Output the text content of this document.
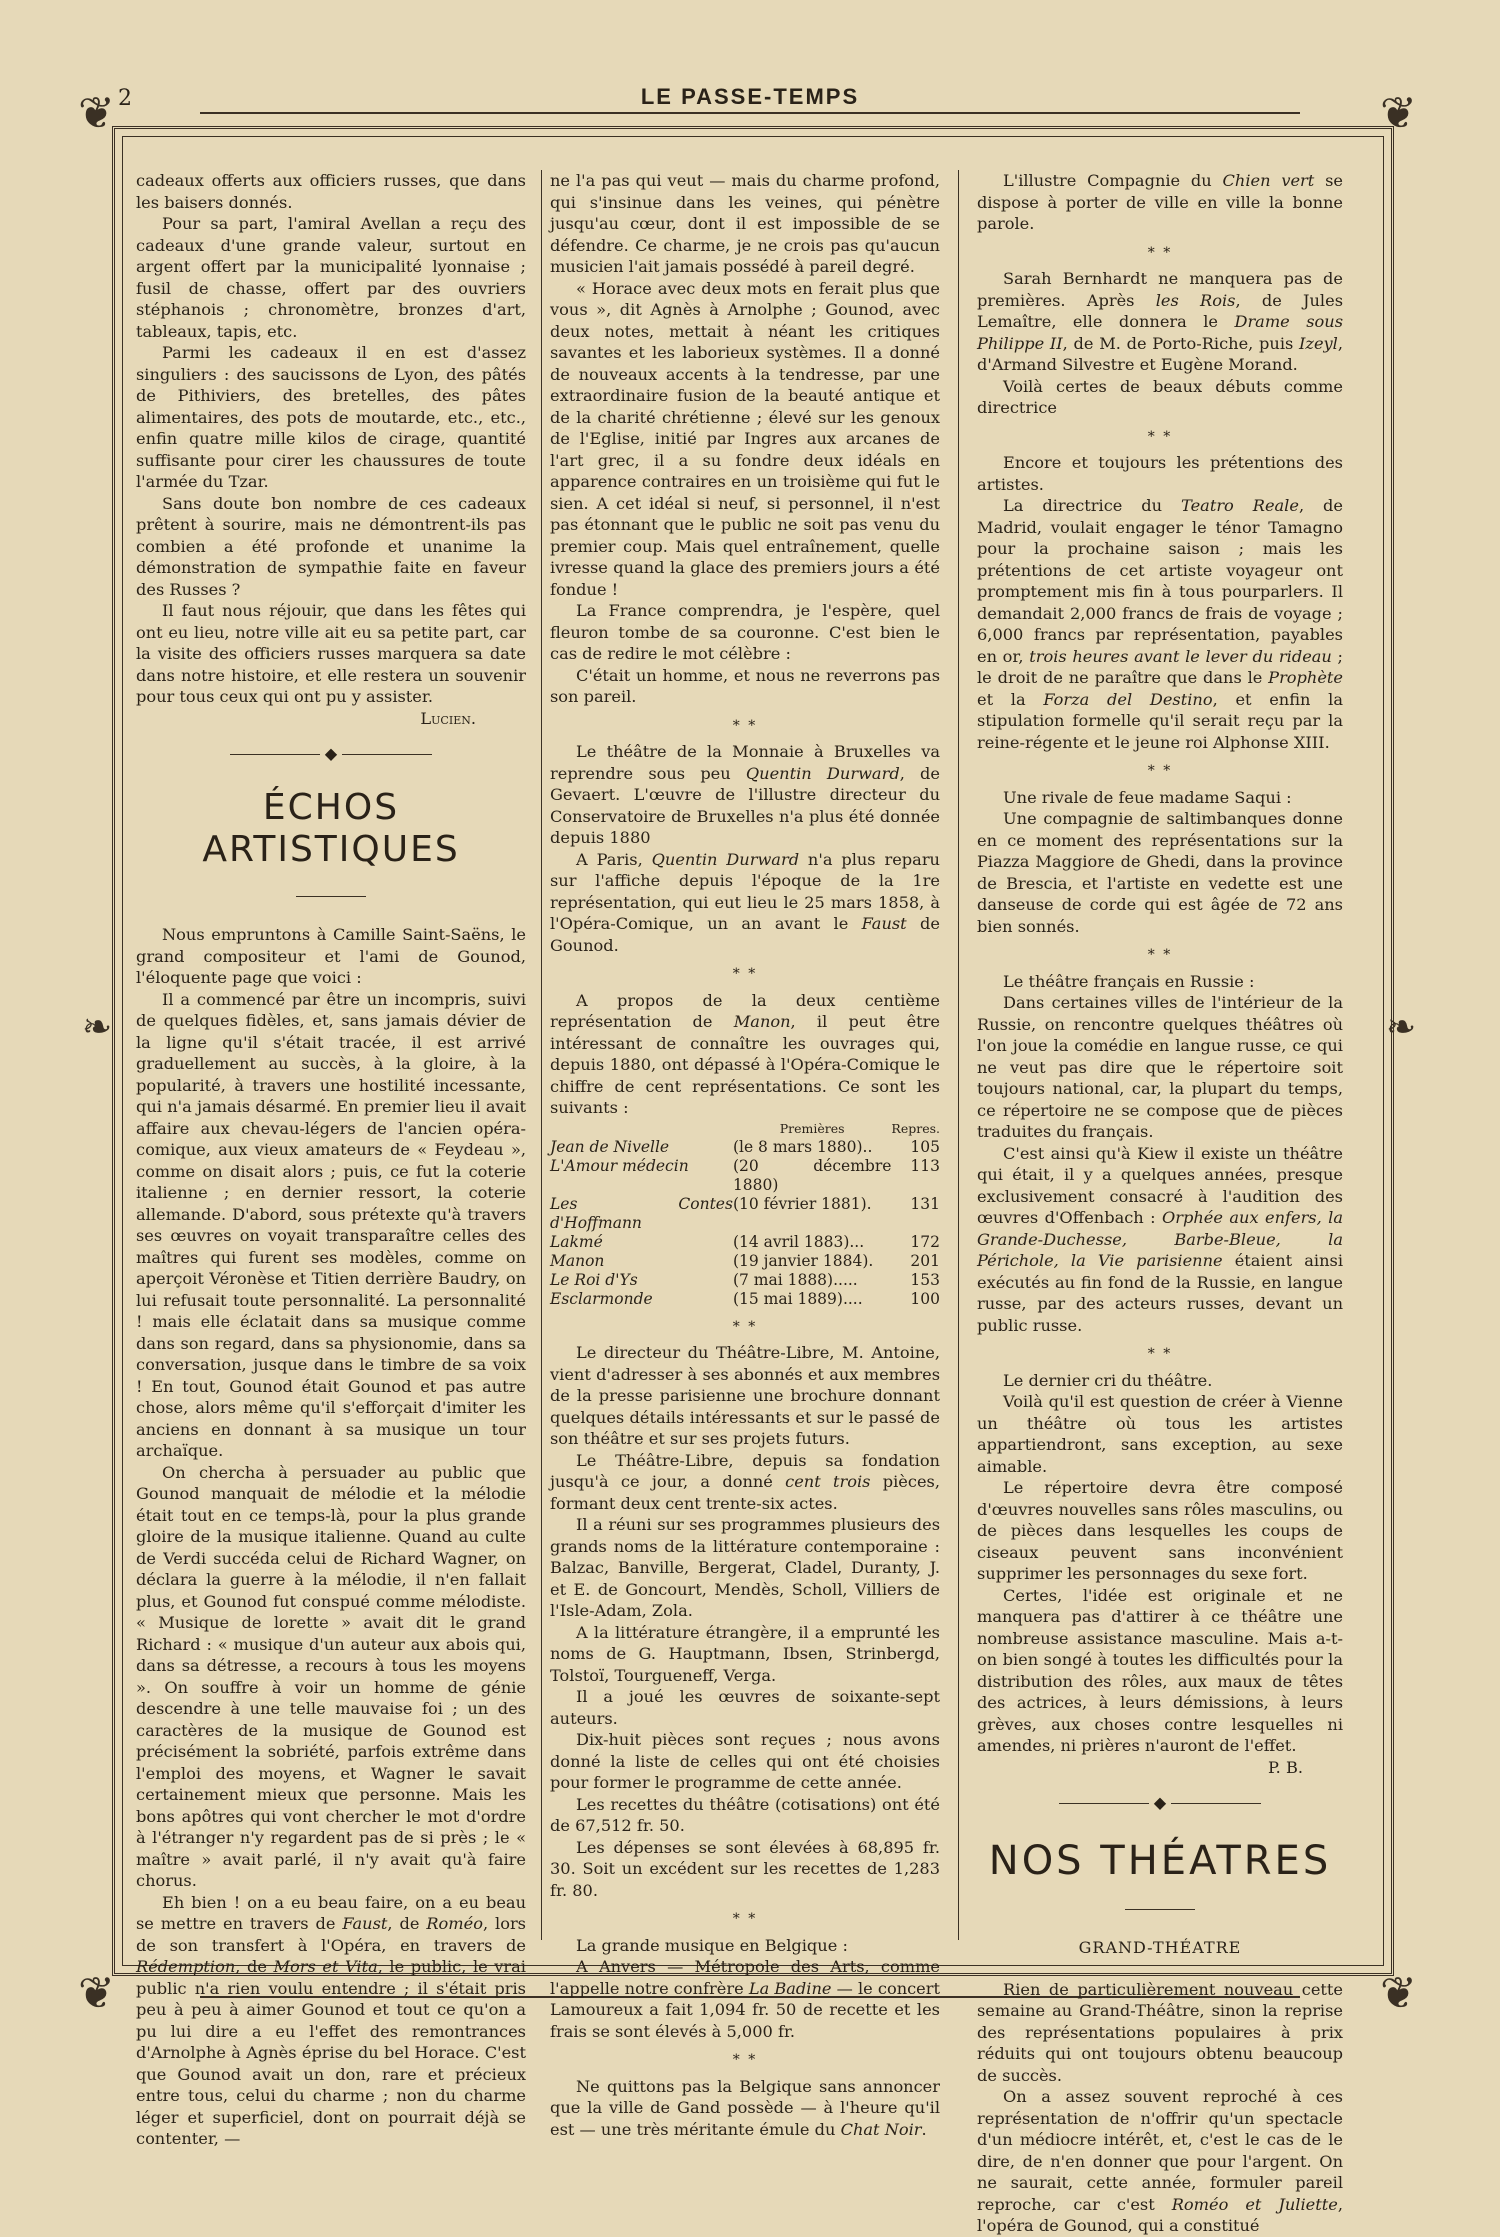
2	LE PASSE-TEMPS
❦	❦
❦	❦
❧	❧

cadeaux offerts aux officiers russes, que dans les baisers donnés.

Pour sa part, l'amiral Avellan a reçu des cadeaux d'une grande valeur, surtout en argent offert par la municipalité lyonnaise ; fusil de chasse, offert par des ouvriers stéphanois ; chronomètre, bronzes d'art, tableaux, tapis, etc.

Parmi les cadeaux il en est d'assez singuliers : des saucissons de Lyon, des pâtés de Pithiviers, des bretelles, des pâtes alimentaires, des pots de moutarde, etc., etc., enfin quatre mille kilos de cirage, quantité suffisante pour cirer les chaussures de toute l'armée du Tzar.

Sans doute bon nombre de ces cadeaux prêtent à sourire, mais ne démontrent-ils pas combien a été profonde et unanime la démonstration de sympathie faite en faveur des Russes ?

Il faut nous réjouir, que dans les fêtes qui ont eu lieu, notre ville ait eu sa petite part, car la visite des officiers russes marquera sa date dans notre histoire, et elle restera un souvenir pour tous ceux qui ont pu y assister.

Lucien.

◆

ÉCHOS ARTISTIQUES

Nous empruntons à Camille Saint-Saëns, le grand compositeur et l'ami de Gounod, l'éloquente page que voici :

Il a commencé par être un incompris, suivi de quelques fidèles, et, sans jamais dévier de la ligne qu'il s'était tracée, il est arrivé graduellement au succès, à la gloire, à la popularité, à travers une hostilité incessante, qui n'a jamais désarmé. En premier lieu il avait affaire aux chevau-légers de l'ancien opéra-comique, aux vieux amateurs de « Feydeau », comme on disait alors ; puis, ce fut la coterie italienne ; en dernier ressort, la coterie allemande. D'abord, sous prétexte qu'à travers ses œuvres on voyait transparaître celles des maîtres qui furent ses modèles, comme on aperçoit Véronèse et Titien derrière Baudry, on lui refusait toute personnalité. La personnalité ! mais elle éclatait dans sa musique comme dans son regard, dans sa physionomie, dans sa conversation, jusque dans le timbre de sa voix ! En tout, Gounod était Gounod et pas autre chose, alors même qu'il s'efforçait d'imiter les anciens en donnant à sa musique un tour archaïque.

On chercha à persuader au public que Gounod manquait de mélodie et la mélodie était tout en ce temps-là, pour la plus grande gloire de la musique italienne. Quand au culte de Verdi succéda celui de Richard Wagner, on déclara la guerre à la mélodie, il n'en fallait plus, et Gounod fut conspué comme mélodiste. « Musique de lorette » avait dit le grand Richard : « musique d'un auteur aux abois qui, dans sa détresse, a recours à tous les moyens ». On souffre à voir un homme de génie descendre à une telle mauvaise foi ; un des caractères de la musique de Gounod est précisément la sobriété, parfois extrême dans l'emploi des moyens, et Wagner le savait certainement mieux que personne. Mais les bons apôtres qui vont chercher le mot d'ordre à l'étranger n'y regardent pas de si près ; le « maître » avait parlé, il n'y avait qu'à faire chorus.

Eh bien ! on a eu beau faire, on a eu beau se mettre en travers de Faust, de Roméo, lors de son transfert à l'Opéra, en travers de Rédemption, de Mors et Vita, le public, le vrai public n'a rien voulu entendre ; il s'était pris peu à peu à aimer Gounod et tout ce qu'on a pu lui dire a eu l'effet des remontrances d'Arnolphe à Agnès éprise du bel Horace. C'est que Gounod avait un don, rare et précieux entre tous, celui du charme ; non du charme léger et superficiel, dont on pourrait déjà se contenter, —

ne l'a pas qui veut — mais du charme profond, qui s'insinue dans les veines, qui pénètre jusqu'au cœur, dont il est impossible de se défendre. Ce charme, je ne crois pas qu'aucun musicien l'ait jamais possédé à pareil degré.

« Horace avec deux mots en ferait plus que vous », dit Agnès à Arnolphe ; Gounod, avec deux notes, mettait à néant les critiques savantes et les laborieux systèmes. Il a donné de nouveaux accents à la tendresse, par une extraordinaire fusion de la beauté antique et de la charité chrétienne ; élevé sur les genoux de l'Eglise, initié par Ingres aux arcanes de l'art grec, il a su fondre deux idéals en apparence contraires en un troisième qui fut le sien. A cet idéal si neuf, si personnel, il n'est pas étonnant que le public ne soit pas venu du premier coup. Mais quel entraînement, quelle ivresse quand la glace des premiers jours a été fondue !

La France comprendra, je l'espère, quel fleuron tombe de sa couronne. C'est bien le cas de redire le mot célèbre :

C'était un homme, et nous ne reverrons pas son pareil.

* *

Le théâtre de la Monnaie à Bruxelles va reprendre sous peu Quentin Durward, de Gevaert. L'œuvre de l'illustre directeur du Conservatoire de Bruxelles n'a plus été donnée depuis 1880

A Paris, Quentin Durward n'a plus reparu sur l'affiche depuis l'époque de la 1re représentation, qui eut lieu le 25 mars 1858, à l'Opéra-Comique, un an avant le Faust de Gounod.

* *

A propos de la deux centième représentation de Manon, il peut être intéressant de connaître les ouvrages qui, depuis 1880, ont dépassé à l'Opéra-Comique le chiffre de cent représentations. Ce sont les suivants :

	Premières	Repres.
Jean de Nivelle	(le 8 mars 1880)..	105
L'Amour médecin	(20 décembre 1880)	113
Les Contes d'Hoffmann	(10 février 1881).	131
Lakmé	(14 avril 1883)...	172
Manon	(19 janvier 1884).	201
Le Roi d'Ys	(7 mai 1888).....	153
Esclarmonde	(15 mai 1889)....	100

* *

Le directeur du Théâtre-Libre, M. Antoine, vient d'adresser à ses abonnés et aux membres de la presse parisienne une brochure donnant quelques détails intéressants et sur le passé de son théâtre et sur ses projets futurs.

Le Théâtre-Libre, depuis sa fondation jusqu'à ce jour, a donné cent trois pièces, formant deux cent trente-six actes.

Il a réuni sur ses programmes plusieurs des grands noms de la littérature contemporaine : Balzac, Banville, Bergerat, Cladel, Duranty, J. et E. de Goncourt, Mendès, Scholl, Villiers de l'Isle-Adam, Zola.

A la littérature étrangère, il a emprunté les noms de G. Hauptmann, Ibsen, Strinbergd, Tolstoï, Tourgueneff, Verga.

Il a joué les œuvres de soixante-sept auteurs.

Dix-huit pièces sont reçues ; nous avons donné la liste de celles qui ont été choisies pour former le programme de cette année.

Les recettes du théâtre (cotisations) ont été de 67,512 fr. 50.

Les dépenses se sont élevées à 68,895 fr. 30. Soit un excédent sur les recettes de 1,283 fr. 80.

* *

La grande musique en Belgique :

A Anvers — Métropole des Arts, comme l'appelle notre confrère La Badine — le concert Lamoureux a fait 1,094 fr. 50 de recette et les frais se sont élevés à 5,000 fr.

* *

Ne quittons pas la Belgique sans annoncer que la ville de Gand possède — à l'heure qu'il est — une très méritante émule du Chat Noir.

L'illustre Compagnie du Chien vert se dispose à porter de ville en ville la bonne parole.

* *

Sarah Bernhardt ne manquera pas de premières. Après les Rois, de Jules Lemaître, elle donnera le Drame sous Philippe II, de M. de Porto-Riche, puis Izeyl, d'Armand Silvestre et Eugène Morand.

Voilà certes de beaux débuts comme directrice

* *

Encore et toujours les prétentions des artistes.

La directrice du Teatro Reale, de Madrid, voulait engager le ténor Tamagno pour la prochaine saison ; mais les prétentions de cet artiste voyageur ont promptement mis fin à tous pourparlers. Il demandait 2,000 francs de frais de voyage ; 6,000 francs par représentation, payables en or, trois heures avant le lever du rideau ; le droit de ne paraître que dans le Prophète et la Forza del Destino, et enfin la stipulation formelle qu'il serait reçu par la reine-régente et le jeune roi Alphonse XIII.

* *

Une rivale de feue madame Saqui :

Une compagnie de saltimbanques donne en ce moment des représentations sur la Piazza Maggiore de Ghedi, dans la province de Brescia, et l'artiste en vedette est une danseuse de corde qui est âgée de 72 ans bien sonnés.

* *

Le théâtre français en Russie :

Dans certaines villes de l'intérieur de la Russie, on rencontre quelques théâtres où l'on joue la comédie en langue russe, ce qui ne veut pas dire que le répertoire soit toujours national, car, la plupart du temps, ce répertoire ne se compose que de pièces traduites du français.

C'est ainsi qu'à Kiew il existe un théâtre qui était, il y a quelques années, presque exclusivement consacré à l'audition des œuvres d'Offenbach : Orphée aux enfers, la Grande-Duchesse, Barbe-Bleue, la Périchole, la Vie parisienne étaient ainsi exécutés au fin fond de la Russie, en langue russe, par des acteurs russes, devant un public russe.

* *

Le dernier cri du théâtre.

Voilà qu'il est question de créer à Vienne un théâtre où tous les artistes appartiendront, sans exception, au sexe aimable.

Le répertoire devra être composé d'œuvres nouvelles sans rôles masculins, ou de pièces dans lesquelles les coups de ciseaux peuvent sans inconvénient supprimer les personnages du sexe fort.

Certes, l'idée est originale et ne manquera pas d'attirer à ce théâtre une nombreuse assistance masculine. Mais a-t-on bien songé à toutes les difficultés pour la distribution des rôles, aux maux de têtes des actrices, à leurs démissions, à leurs grèves, aux choses contre lesquelles ni amendes, ni prières n'auront de l'effet.

P. B.

◆

NOS THÉATRES

GRAND-THÉATRE

Rien de particulièrement nouveau cette semaine au Grand-Théâtre, sinon la reprise des représentations populaires à prix réduits qui ont toujours obtenu beaucoup de succès.

On a assez souvent reproché à ces représentation de n'offrir qu'un spectacle d'un médiocre intérêt, et, c'est le cas de le dire, de n'en donner que pour l'argent. On ne saurait, cette année, formuler pareil reproche, car c'est Roméo et Juliette, l'opéra de Gounod, qui a constitué
